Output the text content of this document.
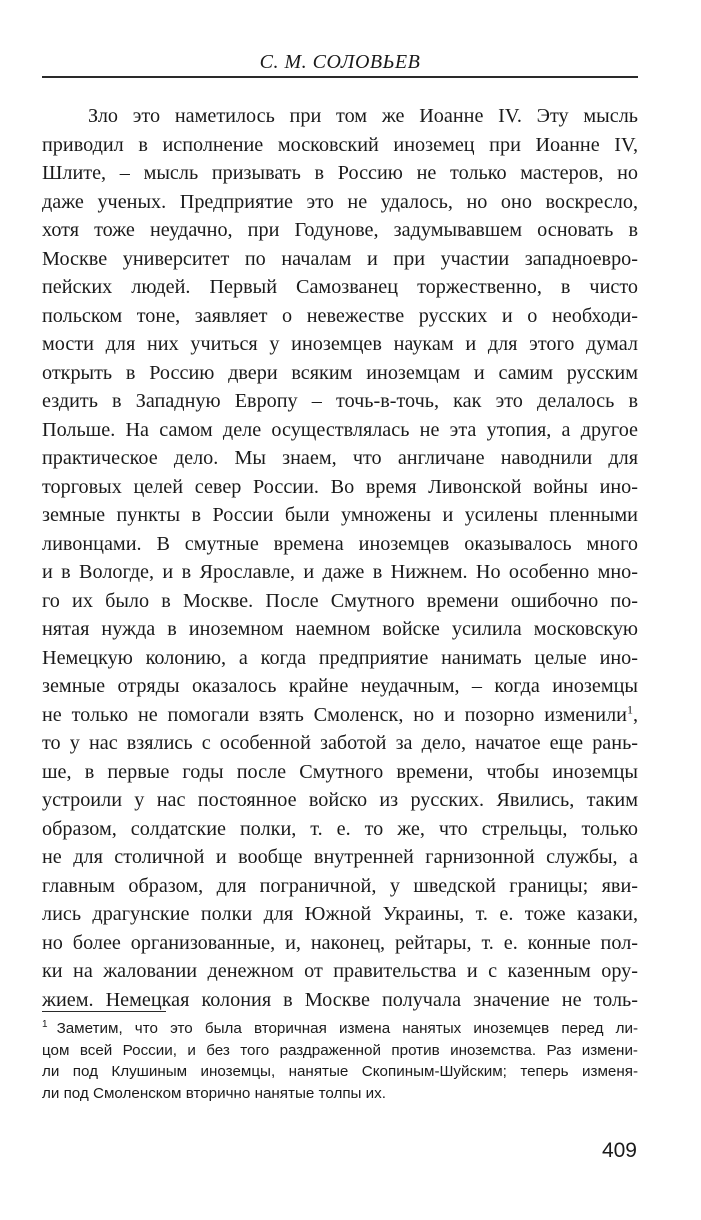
С. М. СОЛОВЬЕВ
Зло это наметилось при том же Иоанне IV. Эту мысль
приводил в исполнение московский иноземец при Иоанне IV,
Шлите, – мысль призывать в Россию не только мастеров, но
даже ученых. Предприятие это не удалось, но оно воскресло,
хотя тоже неудачно, при Годунове, задумывавшем основать в
Москве университет по началам и при участии западноевро-
пейских людей. Первый Самозванец торжественно, в чисто
польском тоне, заявляет о невежестве русских и о необходи-
мости для них учиться у иноземцев наукам и для этого думал
открыть в Россию двери всяким иноземцам и самим русским
ездить в Западную Европу – точь-в-точь, как это делалось в
Польше. На самом деле осуществлялась не эта утопия, а другое
практическое дело. Мы знаем, что англичане наводнили для
торговых целей север России. Во время Ливонской войны ино-
земные пункты в России были умножены и усилены пленными
ливонцами. В смутные времена иноземцев оказывалось много
и в Вологде, и в Ярославле, и даже в Нижнем. Но особенно мно-
го их было в Москве. После Смутного времени ошибочно по-
нятая нужда в иноземном наемном войске усилила московскую
Немецкую колонию, а когда предприятие нанимать целые ино-
земные отряды оказалось крайне неудачным, – когда иноземцы
не только не помогали взять Смоленск, но и позорно изменили$^1$,
то у нас взялись с особенной заботой за дело, начатое еще рань-
ше, в первые годы после Смутного времени, чтобы иноземцы
устроили у нас постоянное войско из русских. Явились, таким
образом, солдатские полки, т. е. то же, что стрельцы, только
не для столичной и вообще внутренней гарнизонной службы, а
главным образом, для пограничной, у шведской границы; яви-
лись драгунские полки для Южной Украины, т. е. тоже казаки,
но более организованные, и, наконец, рейтары, т. е. конные пол-
ки на жаловании денежном от правительства и с казенным ору-
жием. Немецкая колония в Москве получала значение не толь-
$^1$ Заметим, что это была вторичная измена нанятых иноземцев перед ли-
цом всей России, и без того раздраженной против иноземства. Раз измени-
ли под Клушиным иноземцы, нанятые Скопиным-Шуйским; теперь изменя-
ли под Смоленском вторично нанятые толпы их.
409
